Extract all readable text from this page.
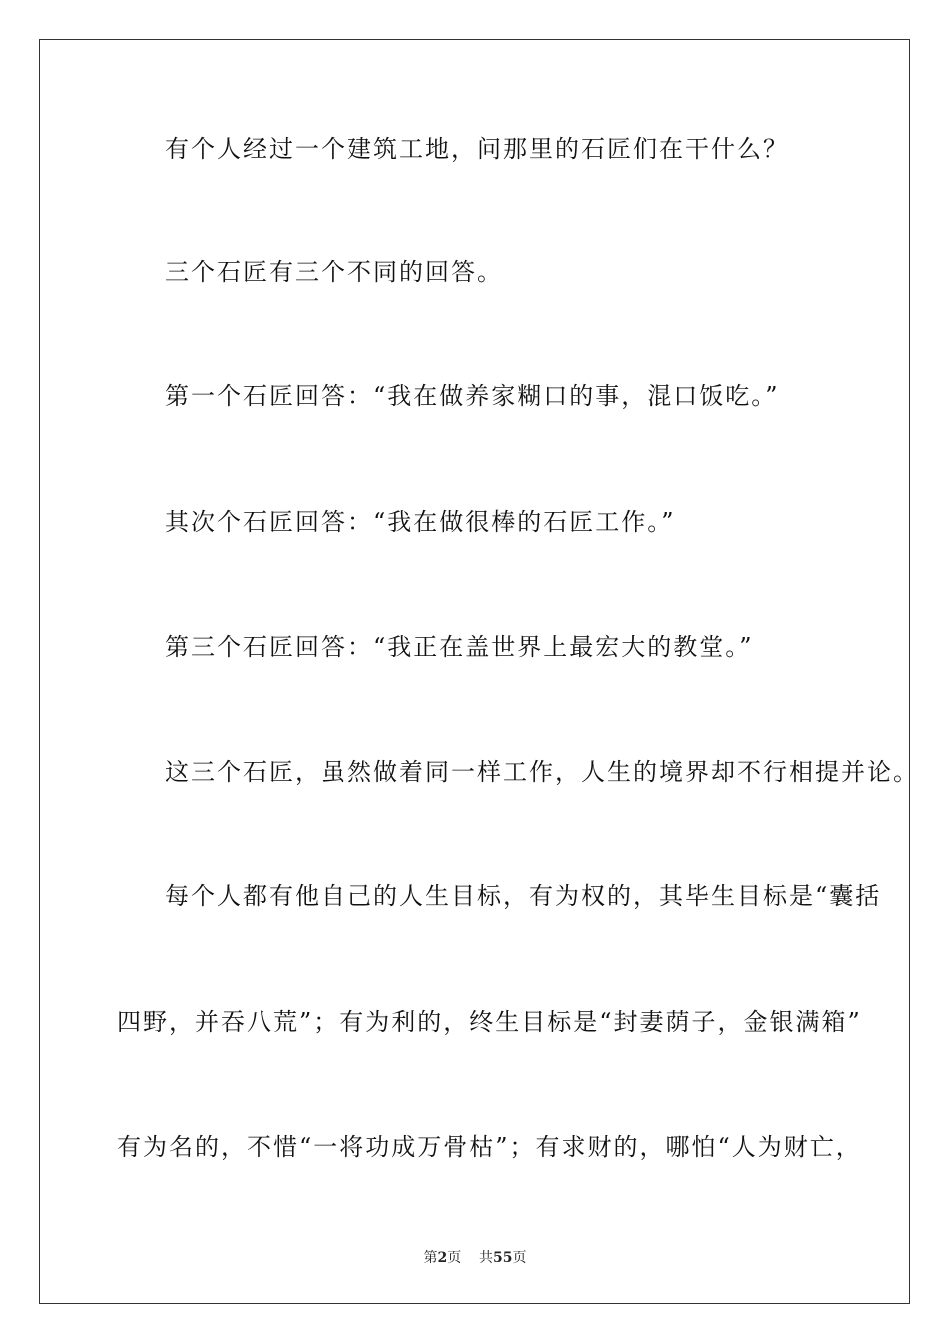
有个人经过一个建筑工地，问那里的石匠们在干什么？
三个石匠有三个不同的回答。
第一个石匠回答：“我在做养家糊口的事，混口饭吃。”
其次个石匠回答：“我在做很棒的石匠工作。”
第三个石匠回答：“我正在盖世界上最宏大的教堂。”
这三个石匠，虽然做着同一样工作，人生的境界却不行相提并论。
每个人都有他自己的人生目标，有为权的，其毕生目标是“囊括
四野，并吞八荒”；有为利的，终生目标是“封妻荫子，金银满箱”
有为名的，不惜“一将功成万骨枯”；有求财的，哪怕“人为财亡，
第2页 共55页
